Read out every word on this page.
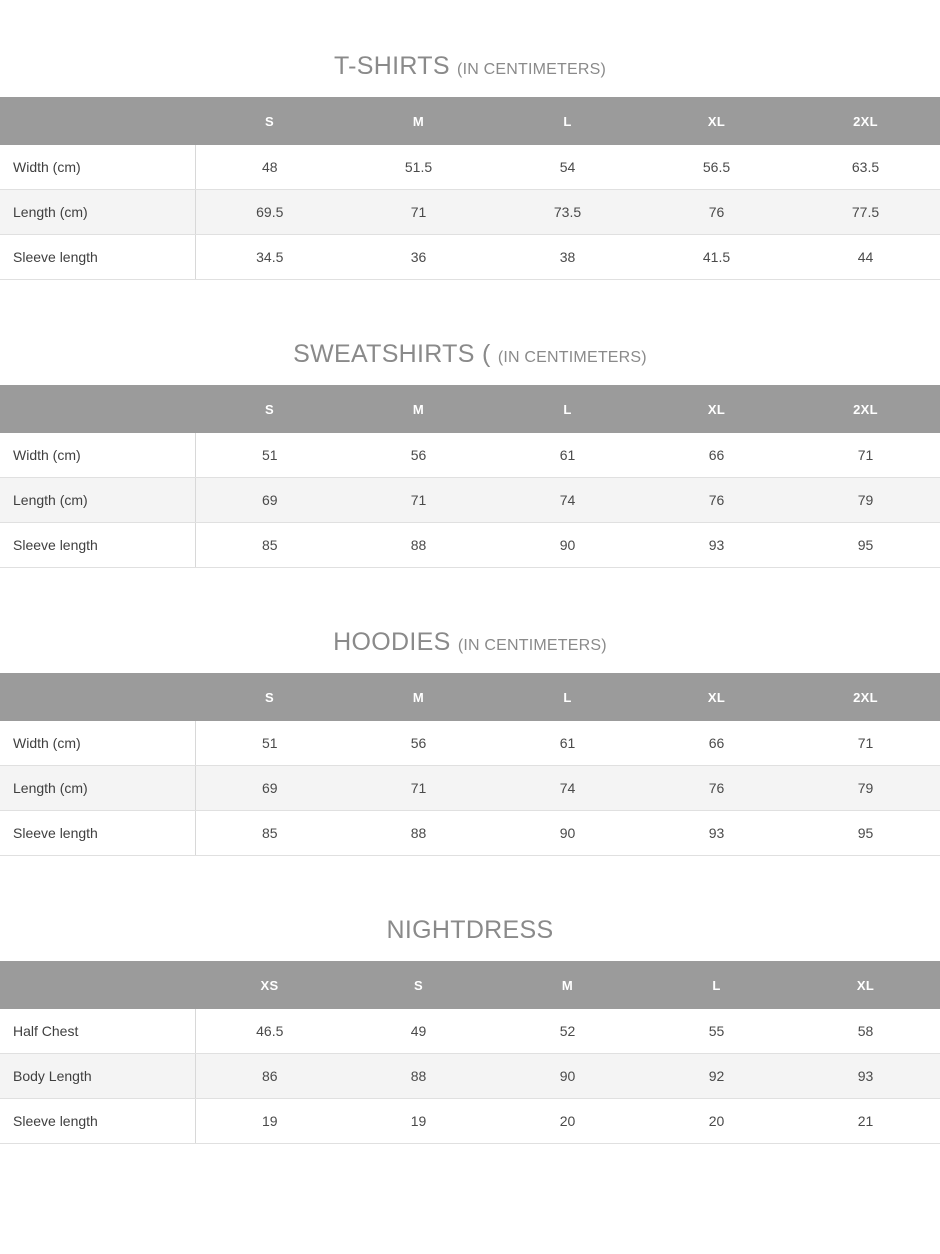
T-SHIRTS (IN CENTIMETERS)
	S	M	L	XL	2XL
Width (cm)	48	51.5	54	56.5	63.5
Length (cm)	69.5	71	73.5	76	77.5
Sleeve length	34.5	36	38	41.5	44
SWEATSHIRTS ( (IN CENTIMETERS)
	S	M	L	XL	2XL
Width (cm)	51	56	61	66	71
Length (cm)	69	71	74	76	79
Sleeve length	85	88	90	93	95
HOODIES (IN CENTIMETERS)
	S	M	L	XL	2XL
Width (cm)	51	56	61	66	71
Length (cm)	69	71	74	76	79
Sleeve length	85	88	90	93	95
NIGHTDRESS
	XS	S	M	L	XL
Half Chest	46.5	49	52	55	58
Body Length	86	88	90	92	93
Sleeve length	19	19	20	20	21
